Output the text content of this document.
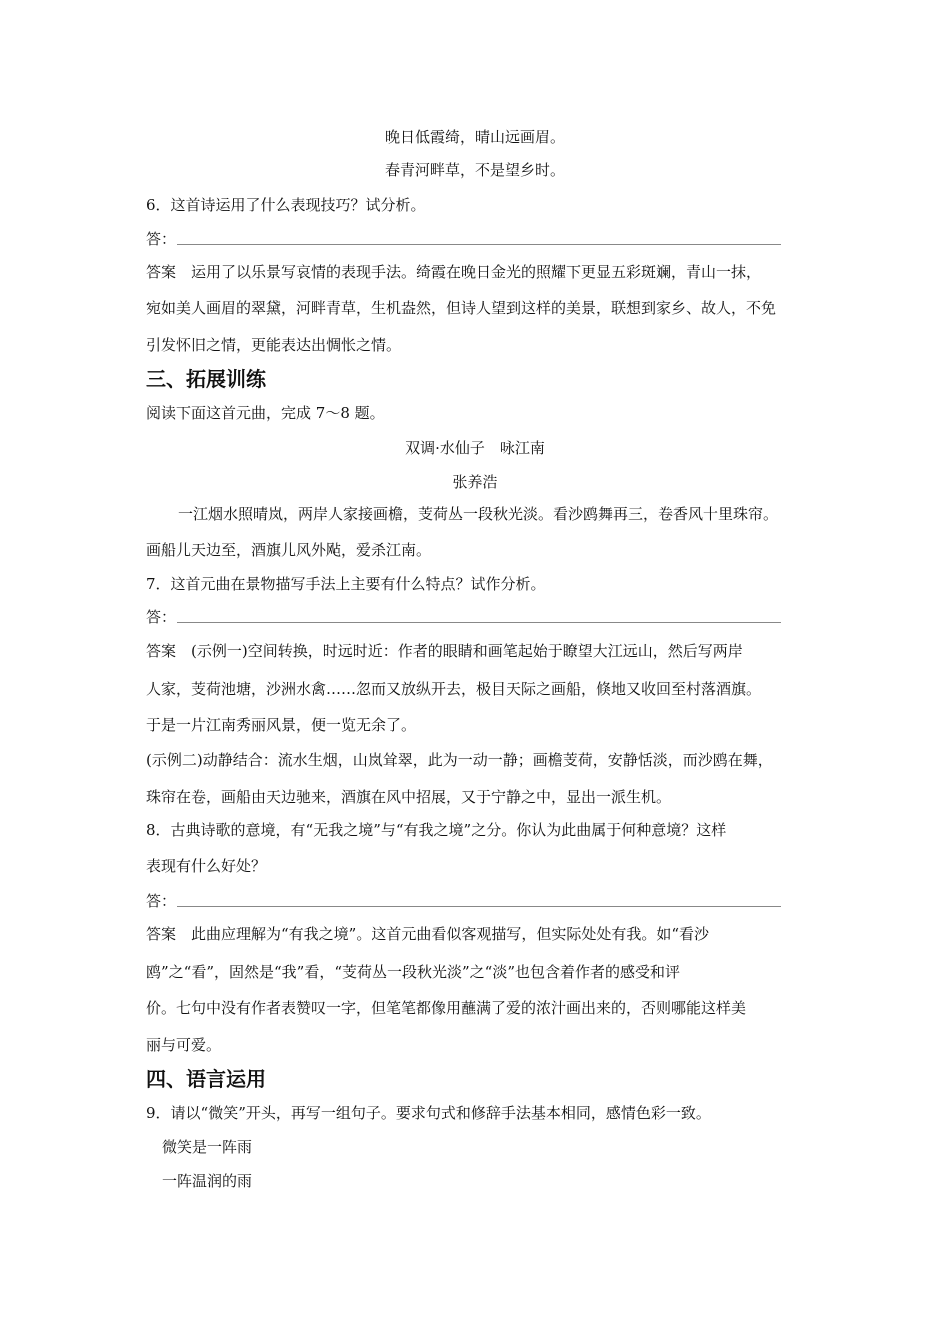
晚日低霞绮，晴山远画眉。
春青河畔草，不是望乡时。
6．这首诗运用了什么表现技巧？试分析。
答：
答案　运用了以乐景写哀情的表现手法。绮霞在晚日金光的照耀下更显五彩斑斓，青山一抹，
宛如美人画眉的翠黛，河畔青草，生机盎然，但诗人望到这样的美景，联想到家乡、故人，不免
引发怀旧之情，更能表达出惆怅之情。
三、拓展训练
阅读下面这首元曲，完成 7～8 题。
双调·水仙子　咏江南
张养浩
一江烟水照晴岚，两岸人家接画檐，芰荷丛一段秋光淡。看沙鸥舞再三，卷香风十里珠帘。
画船儿天边至，酒旗儿风外飐，爱杀江南。
7．这首元曲在景物描写手法上主要有什么特点？试作分析。
答：
答案　(示例一)空间转换，时远时近：作者的眼睛和画笔起始于瞭望大江远山，然后写两岸
人家，芰荷池塘，沙洲水禽……忽而又放纵开去，极目天际之画船，倏地又收回至村落酒旗。
于是一片江南秀丽风景，便一览无余了。
(示例二)动静结合：流水生烟，山岚耸翠，此为一动一静；画檐芰荷，安静恬淡，而沙鸥在舞，
珠帘在卷，画船由天边驰来，酒旗在风中招展，又于宁静之中，显出一派生机。
8．古典诗歌的意境，有“无我之境”与“有我之境”之分。你认为此曲属于何种意境？这样
表现有什么好处？
答：
答案　此曲应理解为“有我之境”。这首元曲看似客观描写，但实际处处有我。如“看沙
鸥”之“看”，固然是“我”看，“芰荷丛一段秋光淡”之“淡”也包含着作者的感受和评
价。七句中没有作者表赞叹一字，但笔笔都像用蘸满了爱的浓汁画出来的，否则哪能这样美
丽与可爱。
四、语言运用
9．请以“微笑”开头，再写一组句子。要求句式和修辞手法基本相同，感情色彩一致。
微笑是一阵雨
一阵温润的雨
